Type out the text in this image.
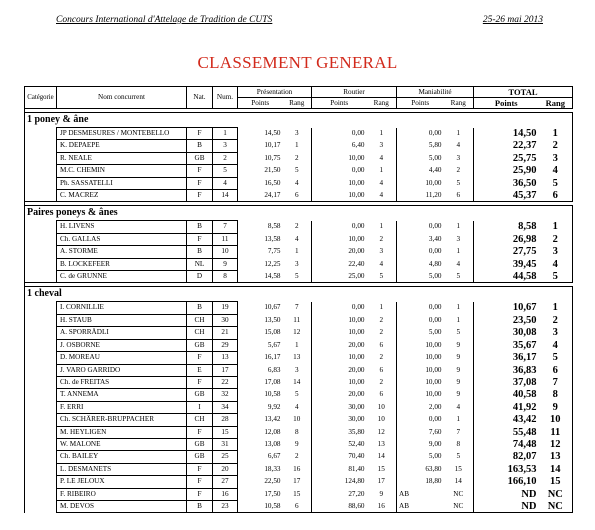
Concours International d'Attelage de Tradition de CUTS	25-26 mai 2013
CLASSEMENT GENERAL
Catégorie	Nom concurrent	Nat.	Num.	Présentation		Routier		Maniabilité		TOTAL	
				Points	Rang	Points	Rang	Points	Rang	Points	Rang

1 poney & âne											
	JP DESMESURES / MONTEBELLO	F	1	14,50	3	0,00	1	0,00	1	14,50	1
	K. DEPAEPE	B	3	10,17	1	6,40	3	5,80	4	22,37	2
	R. NEALE	GB	2	10,75	2	10,00	4	5,00	3	25,75	3
	M.C. CHEMIN	F	5	21,50	5	0,00	1	4,40	2	25,90	4
	Ph. SASSATELLI	F	4	16,50	4	10,00	4	10,00	5	36,50	5
	C. MACREZ	F	14	24,17	6	10,00	4	11,20	6	45,37	6

Paires poneys & ânes											
	H. LIVENS	B	7	8,58	2	0,00	1	0,00	1	8,58	1
	Ch. GALLAS	F	11	13,58	4	10,00	2	3,40	3	26,98	2
	A. STORME	B	10	7,75	1	20,00	3	0,00	1	27,75	3
	B. LOCKEFEER	NL	9	12,25	3	22,40	4	4,80	4	39,45	4
	C. de GRUNNE	D	8	14,58	5	25,00	5	5,00	5	44,58	5

1 cheval											
	I. CORNILLIE	B	19	10,67	7	0,00	1	0,00	1	10,67	1
	H. STAUB	CH	30	13,50	11	10,00	2	0,00	1	23,50	2
	A. SPORRÄDLI	CH	21	15,08	12	10,00	2	5,00	5	30,08	3
	J. OSBORNE	GB	29	5,67	1	20,00	6	10,00	9	35,67	4
	D. MOREAU	F	13	16,17	13	10,00	2	10,00	9	36,17	5
	J. VARO GARRIDO	E	17	6,83	3	20,00	6	10,00	9	36,83	6
	Ch. de FREITAS	F	22	17,08	14	10,00	2	10,00	9	37,08	7
	T. ANNEMA	GB	32	10,58	5	20,00	6	10,00	9	40,58	8
	F. ERRI	I	34	9,92	4	30,00	10	2,00	4	41,92	9
	Ch. SCHÄRER-BRUPPACHER	CH	28	13,42	10	30,00	10	0,00	1	43,42	10
	M. HEYLIGEN	F	15	12,08	8	35,80	12	7,60	7	55,48	11
	W. MALONE	GB	31	13,08	9	52,40	13	9,00	8	74,48	12
	Ch. BAILEY	GB	25	6,67	2	70,40	14	5,00	5	82,07	13
	L. DESMANETS	F	20	18,33	16	81,40	15	63,80	15	163,53	14
	P. LE JELOUX	F	27	22,50	17	124,80	17	18,80	14	166,10	15
	F. RIBEIRO	F	16	17,50	15	27,20	9	AB	NC	ND	NC
	M. DEVOS	B	23	10,58	6	88,60	16	AB	NC	ND	NC
